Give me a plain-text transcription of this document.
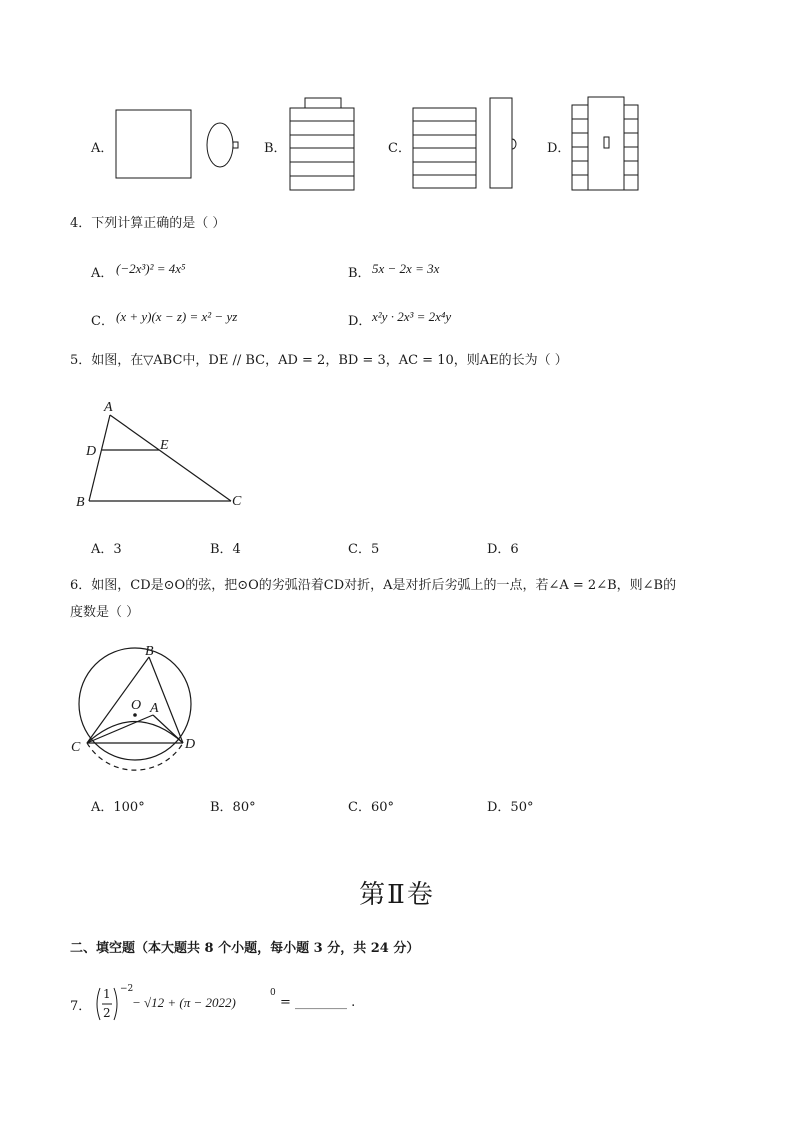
A．	B．	C．	D．
4．下列计算正确的是（ ）
A． (−2x³)² = 4x⁵	B． 5x − 2x = 3x
C． (x + y)(x − z) = x² − yz	D． x²y · 2x³ = 2x⁴y
5．如图，在▽ABC中，DE // BC，AD = 2，BD = 3，AC = 10，则AE的长为（ ）
A
D	E
B	C
A．3	B．4	C．5	D．6
6．如图，CD是⊙O的弦，把⊙O的劣弧沿着CD对折，A是对折后劣弧上的一点，若∠A = 2∠B，则∠B的
度数是（ ）
B
O A
C	D
A．100°	B．80°	C．60°	D．50°
第Ⅱ卷
二、填空题（本大题共 8 个小题，每小题 3 分，共 24 分）
7．
1
2
−2
− √12 + (π − 2022)
0
= ________ .
